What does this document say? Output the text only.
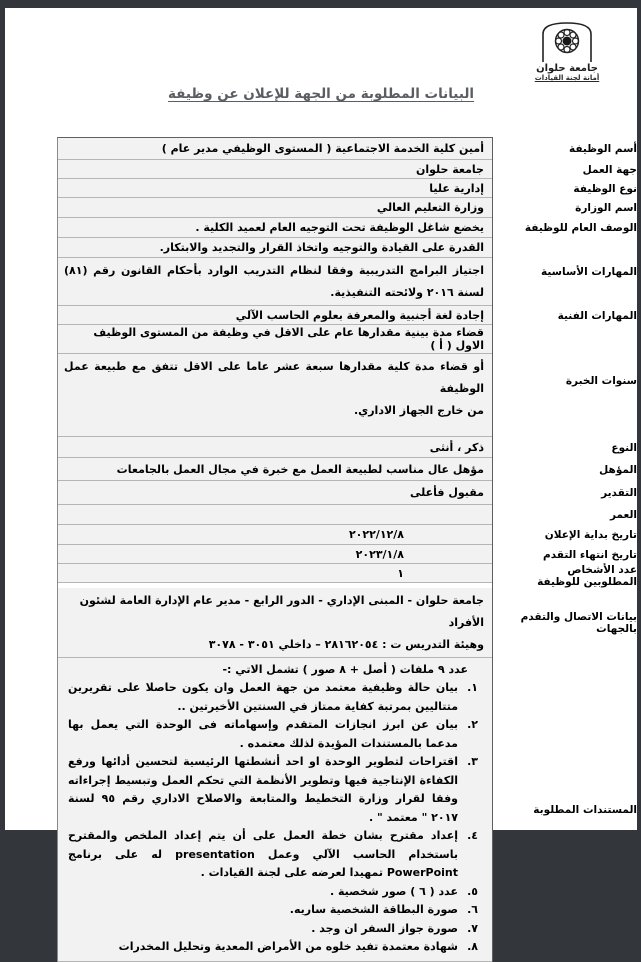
جامعة حلوان
أمانة لجنة القيادات
البيانات المطلوبة من الجهة للإعلان عن وظيفة
أسم الوظيفة
أمين كلية الخدمة الاجتماعية ( المستوى الوظيفي مدير عام )
جهة العمل
جامعة حلوان
نوع الوظيفة
إدارية عليا
اسم الوزارة
وزارة التعليم العالي
الوصف العام للوظيفة
يخضع شاغل الوظيفة تحت التوجيه العام لعميد الكلية .
المهارات الأساسية
القدرة على القيادة والتوجيه واتخاذ القرار والتجديد والابتكار.
اجتياز البرامج التدريبية وفقا لنظام التدريب الوارد بأحكام القانون رقم (٨١)
لسنة ٢٠١٦ ولائحته التنفيذية.
المهارات الفنية
إجادة لغة أجنبية والمعرفة بعلوم الحاسب الآلي
سنوات الخبرة
قضاء مدة بينية مقدارها عام على الاقل في وظيفة من المستوى الوظيف الاول ( أ )
أو قضاء مدة كلية مقدارها سبعة عشر عاما على الاقل تتفق مع طبيعة عمل الوظيفة
من خارج الجهاز الاداري.
النوع
ذكر ، أنثى
المؤهل
مؤهل عال مناسب لطبيعة العمل مع خبرة في مجال العمل بالجامعات
التقدير
مقبول فأعلى
العمر
تاريخ بداية الإعلان
٢٠٢٢/١٢/٨
تاريخ انتهاء التقدم
٢٠٢٣/١/٨
عدد الأشخاص المطلوبين للوظيفة
١
بيانات الاتصال والتقدم بالجهات
جامعة حلوان - المبنى الإداري - الدور الرابع - مدير عام الإدارة العامة لشئون الأفراد
وهيئة التدريس ت : ٢٨١٦٢٠٥٤ – داخلي ٣٠٥١ - ٣٠٧٨
المستندات المطلوبة
عدد ٩ ملفات ( أصل + ٨ صور ) تشمل الاتي :-
١.
بيان حالة وظيفية معتمد من جهة العمل وان يكون حاصلا على تقريرين متتاليين بمرتبة كفاية ممتاز في السنتين الأخيرتين ..
٢.
بيان عن ابرز انجازات المتقدم وإسهاماته فى الوحدة التي يعمل بها مدعما بالمستندات المؤيدة لذلك معتمده .
٣.
اقتراحات لتطوير الوحدة او احد أنشطتها الرئيسية لتحسين أدائها ورفع الكفاءة الإنتاجية فيها وتطوير الأنظمة التي تحكم العمل وتبسيط إجراءاته وفقا لقرار وزارة التخطيط والمتابعة والاصلاح الاداري رقم ٩٥ لسنة ٢٠١٧ " معتمد " .
٤.
إعداد مقترح بشان خطة العمل على أن يتم إعداد الملخص والمقترح باستخدام الحاسب الآلي وعمل presentation له على برنامج PowerPoint تمهيدا لعرضه على لجنة القيادات .
٥.
عدد ( ٦ ) صور شخصية .
٦.
صورة البطاقة الشخصية ساريه.
٧.
صورة جواز السفر ان وجد .
٨.
شهادة معتمدة تفيد خلوه من الأمراض المعدية وتحليل المخدرات
